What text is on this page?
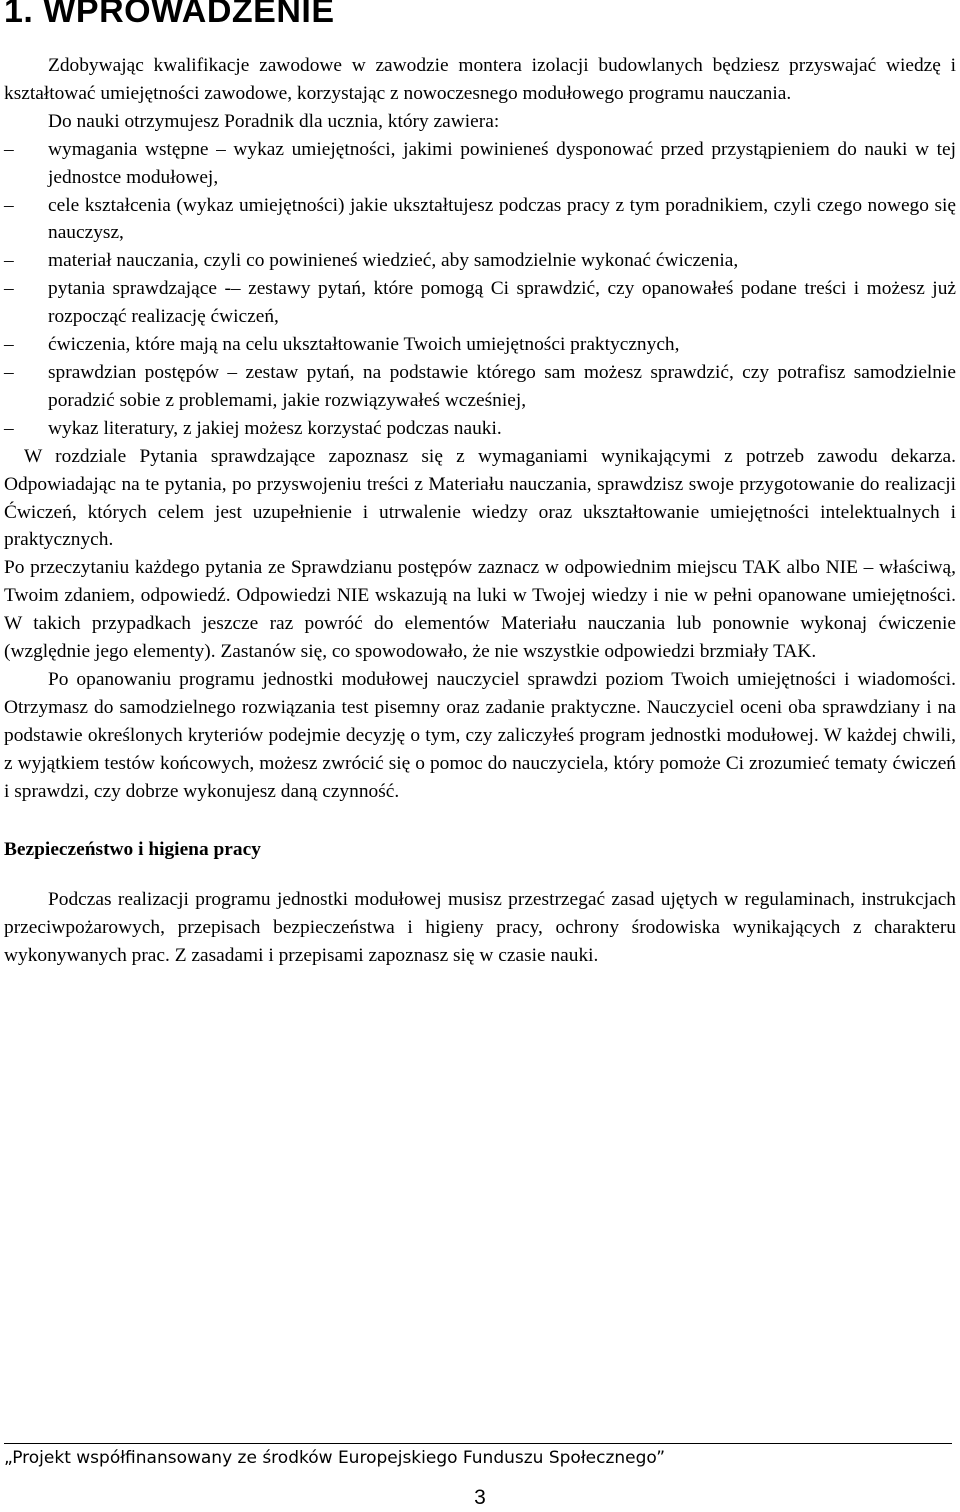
1. WPROWADZENIE

Zdobywając kwalifikacje zawodowe w zawodzie montera izolacji budowlanych będziesz przyswajać wiedzę i kształtować umiejętności zawodowe, korzystając z nowoczesnego modułowego programu nauczania.

Do nauki otrzymujesz Poradnik dla ucznia, który zawiera:

–	wymagania wstępne – wykaz umiejętności, jakimi powinieneś dysponować przed przystąpieniem do nauki w tej jednostce modułowej,
–	cele kształcenia (wykaz umiejętności) jakie ukształtujesz podczas pracy z tym poradnikiem, czyli czego nowego się nauczysz,
–	materiał nauczania, czyli co powinieneś wiedzieć, aby samodzielnie wykonać ćwiczenia,
–	pytania sprawdzające -– zestawy pytań, które pomogą Ci sprawdzić, czy opanowałeś podane treści i możesz już rozpocząć realizację ćwiczeń,
–	ćwiczenia, które mają na celu ukształtowanie Twoich umiejętności praktycznych,
–	sprawdzian postępów – zestaw pytań, na podstawie którego sam możesz sprawdzić, czy potrafisz samodzielnie poradzić sobie z problemami, jakie rozwiązywałeś wcześniej,
–	wykaz literatury, z jakiej możesz korzystać podczas nauki.

W rozdziale Pytania sprawdzające zapoznasz się z wymaganiami wynikającymi z potrzeb zawodu dekarza. Odpowiadając na te pytania, po przyswojeniu treści z Materiału nauczania, sprawdzisz swoje przygotowanie do realizacji Ćwiczeń, których celem jest uzupełnienie i utrwalenie wiedzy oraz ukształtowanie umiejętności intelektualnych i praktycznych.

Po przeczytaniu każdego pytania ze Sprawdzianu postępów zaznacz w odpowiednim miejscu TAK albo NIE – właściwą, Twoim zdaniem, odpowiedź. Odpowiedzi NIE wskazują na luki w Twojej wiedzy i nie w pełni opanowane umiejętności. W takich przypadkach jeszcze raz powróć do elementów Materiału nauczania lub ponownie wykonaj ćwiczenie (względnie jego elementy). Zastanów się, co spowodowało, że nie wszystkie odpowiedzi brzmiały TAK.

Po opanowaniu programu jednostki modułowej nauczyciel sprawdzi poziom Twoich umiejętności i wiadomości. Otrzymasz do samodzielnego rozwiązania test pisemny oraz zadanie praktyczne. Nauczyciel oceni oba sprawdziany i na podstawie określonych kryteriów podejmie decyzję o tym, czy zaliczyłeś program jednostki modułowej. W każdej chwili, z wyjątkiem testów końcowych, możesz zwrócić się o pomoc do nauczyciela, który pomoże Ci zrozumieć tematy ćwiczeń i sprawdzi, czy dobrze wykonujesz daną czynność.

Bezpieczeństwo i higiena pracy

Podczas realizacji programu jednostki modułowej musisz przestrzegać zasad ujętych w regulaminach, instrukcjach przeciwpożarowych, przepisach bezpieczeństwa i higieny pracy, ochrony środowiska wynikających z charakteru wykonywanych prac. Z zasadami i przepisami zapoznasz się w czasie nauki.

„Projekt współfinansowany ze środków Europejskiego Funduszu Społecznego”
3
